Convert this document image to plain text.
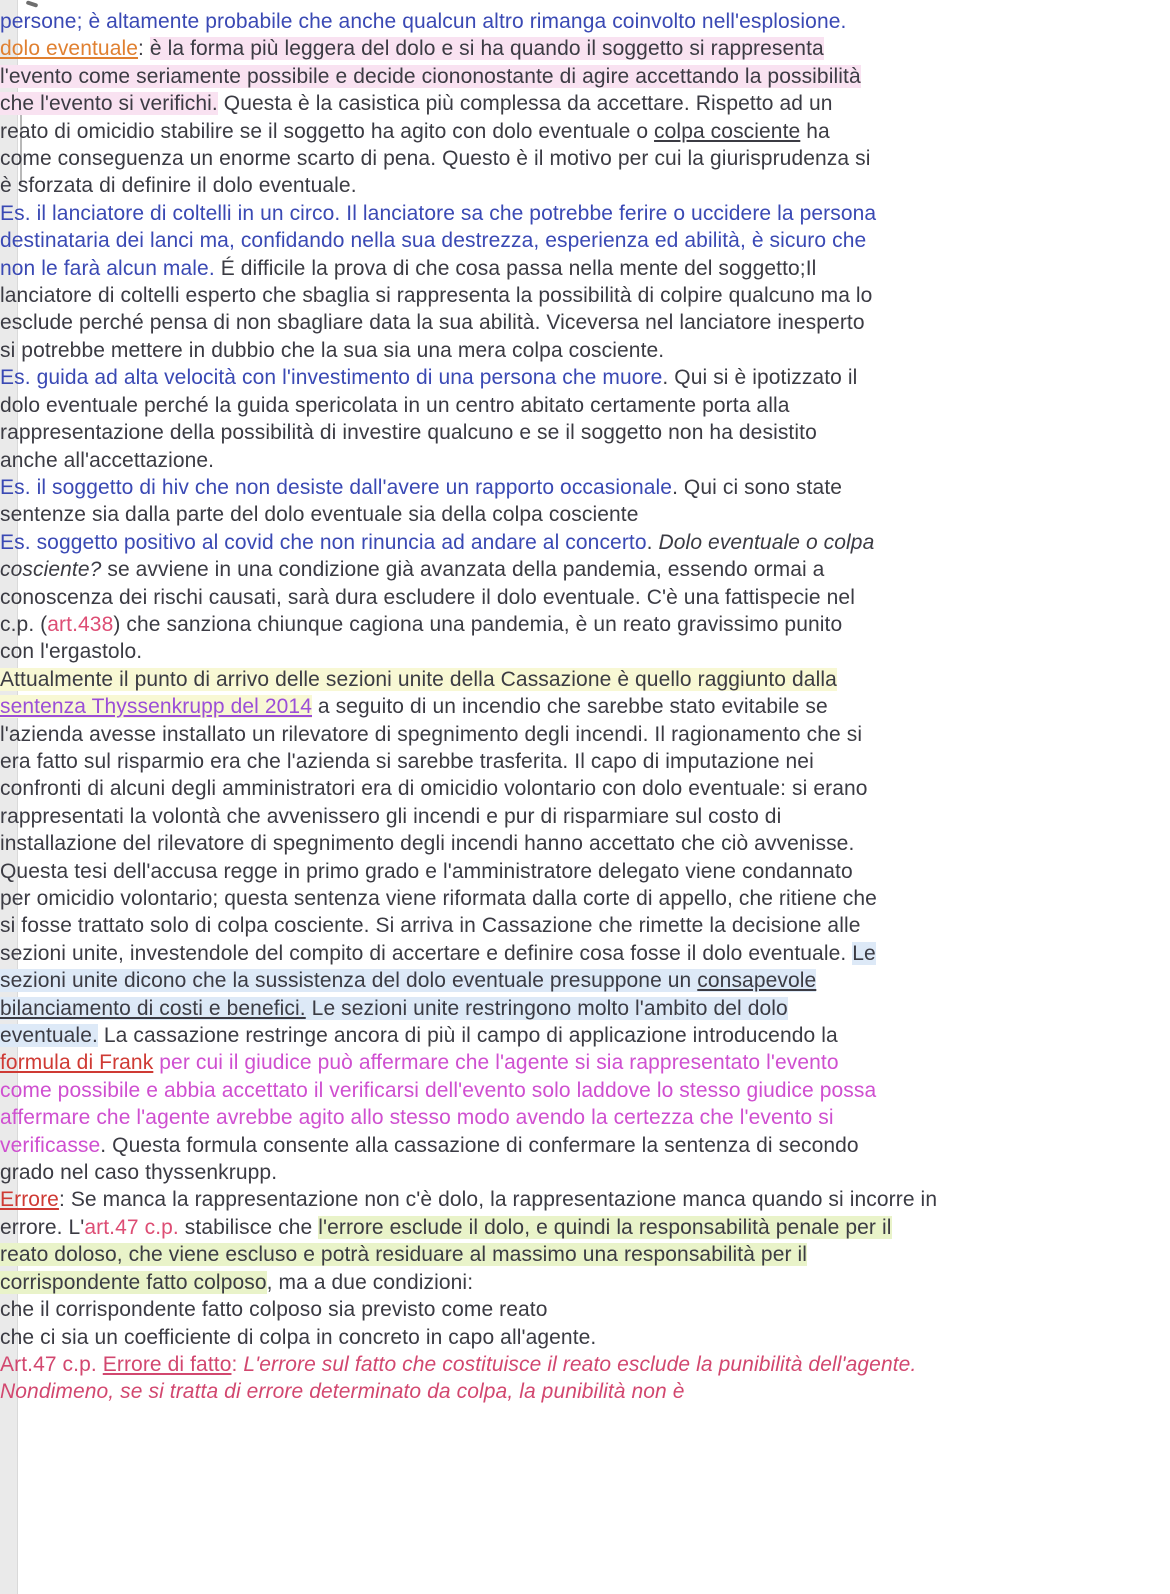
persone; è altamente probabile che anche qualcun altro rimanga coinvolto nell'esplosione.

dolo eventuale: è la forma più leggera del dolo e si ha quando il soggetto si rappresenta l'evento come seriamente possibile e decide ciononostante di agire accettando la possibilità che l'evento si verifichi. Questa è la casistica più complessa da accettare. Rispetto ad un reato di omicidio stabilire se il soggetto ha agito con dolo eventuale o colpa cosciente ha come conseguenza un enorme scarto di pena. Questo è il motivo per cui la giurisprudenza si è sforzata di definire il dolo eventuale.

Es. il lanciatore di coltelli in un circo. Il lanciatore sa che potrebbe ferire o uccidere la persona destinataria dei lanci ma, confidando nella sua destrezza, esperienza ed abilità, è sicuro che non le farà alcun male. É difficile la prova di che cosa passa nella mente del soggetto;Il lanciatore di coltelli esperto che sbaglia si rappresenta la possibilità di colpire qualcuno ma lo esclude perché pensa di non sbagliare data la sua abilità. Viceversa nel lanciatore inesperto si potrebbe mettere in dubbio che la sua sia una mera colpa cosciente.

Es. guida ad alta velocità con l'investimento di una persona che muore. Qui si è ipotizzato il dolo eventuale perché la guida spericolata in un centro abitato certamente porta alla rappresentazione della possibilità di investire qualcuno e se il soggetto non ha desistito anche all'accettazione.

Es. il soggetto di hiv che non desiste dall'avere un rapporto occasionale. Qui ci sono state sentenze sia dalla parte del dolo eventuale sia della colpa cosciente

Es. soggetto positivo al covid che non rinuncia ad andare al concerto. Dolo eventuale o colpa cosciente? se avviene in una condizione già avanzata della pandemia, essendo ormai a conoscenza dei rischi causati, sarà dura escludere il dolo eventuale. C'è una fattispecie nel c.p. (art.438) che sanziona chiunque cagiona una pandemia, è un reato gravissimo punito con l'ergastolo.

Attualmente il punto di arrivo delle sezioni unite della Cassazione è quello raggiunto dalla sentenza Thyssenkrupp del 2014 a seguito di un incendio che sarebbe stato evitabile se l'azienda avesse installato un rilevatore di spegnimento degli incendi. Il ragionamento che si era fatto sul risparmio era che l'azienda si sarebbe trasferita. Il capo di imputazione nei confronti di alcuni degli amministratori era di omicidio volontario con dolo eventuale: si erano rappresentati la volontà che avvenissero gli incendi e pur di risparmiare sul costo di installazione del rilevatore di spegnimento degli incendi hanno accettato che ciò avvenisse. Questa tesi dell'accusa regge in primo grado e l'amministratore delegato viene condannato per omicidio volontario; questa sentenza viene riformata dalla corte di appello, che ritiene che si fosse trattato solo di colpa cosciente. Si arriva in Cassazione che rimette la decisione alle sezioni unite, investendole del compito di accertare e definire cosa fosse il dolo eventuale. Le sezioni unite dicono che la sussistenza del dolo eventuale presuppone un consapevole bilanciamento di costi e benefici. Le sezioni unite restringono molto l'ambito del dolo eventuale. La cassazione restringe ancora di più il campo di applicazione introducendo la formula di Frank per cui il giudice può affermare che l'agente si sia rappresentato l'evento come possibile e abbia accettato il verificarsi dell'evento solo laddove lo stesso giudice possa affermare che l'agente avrebbe agito allo stesso modo avendo la certezza che l'evento si verificasse. Questa formula consente alla cassazione di confermare la sentenza di secondo grado nel caso thyssenkrupp.

Errore: Se manca la rappresentazione non c'è dolo, la rappresentazione manca quando si incorre in errore. L'art.47 c.p. stabilisce che l'errore esclude il dolo, e quindi la responsabilità penale per il reato doloso, che viene escluso e potrà residuare al massimo una responsabilità per il corrispondente fatto colposo, ma a due condizioni:

che il corrispondente fatto colposo sia previsto come reato

che ci sia un coefficiente di colpa in concreto in capo all'agente.

Art.47 c.p. Errore di fatto: L'errore sul fatto che costituisce il reato esclude la punibilità dell'agente. Nondimeno, se si tratta di errore determinato da colpa, la punibilità non è
